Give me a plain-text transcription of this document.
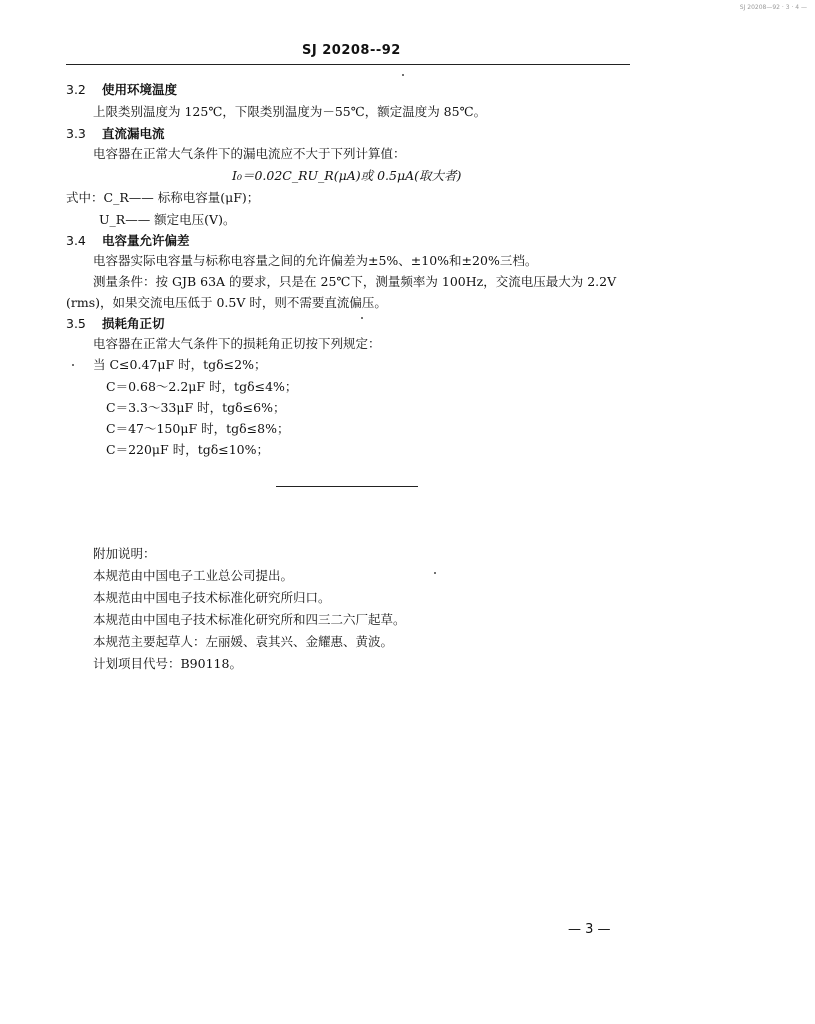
SJ 20208—92 · 3 · 4 —
SJ 20208--92
3.2 使用环境温度
上限类别温度为 125℃，下限类别温度为－55℃，额定温度为 85℃。
3.3 直流漏电流
电容器在正常大气条件下的漏电流应不大于下列计算值：
I₀＝0.02C_RU_R(μA)或 0.5μA(取大者)
式中：C_R—— 标称电容量(μF)；
U_R—— 额定电压(V)。
3.4 电容量允许偏差
电容器实际电容量与标称电容量之间的允许偏差为±5%、±10%和±20%三档。
测量条件：按 GJB 63A 的要求，只是在 25℃下，测量频率为 100Hz，交流电压最大为 2.2V
(rms)，如果交流电压低于 0.5V 时，则不需要直流偏压。
3.5 损耗角正切
电容器在正常大气条件下的损耗角正切按下列规定：
当 C≤0.47μF 时，tgδ≤2%；
C＝0.68～2.2μF 时，tgδ≤4%；
C＝3.3～33μF 时，tgδ≤6%；
C＝47～150μF 时，tgδ≤8%；
C＝220μF 时，tgδ≤10%；
附加说明：
本规范由中国电子工业总公司提出。
本规范由中国电子技术标准化研究所归口。
本规范由中国电子技术标准化研究所和四三二六厂起草。
本规范主要起草人：左丽媛、袁其兴、金耀惠、黄波。
计划项目代号：B90118。
— 3 —
